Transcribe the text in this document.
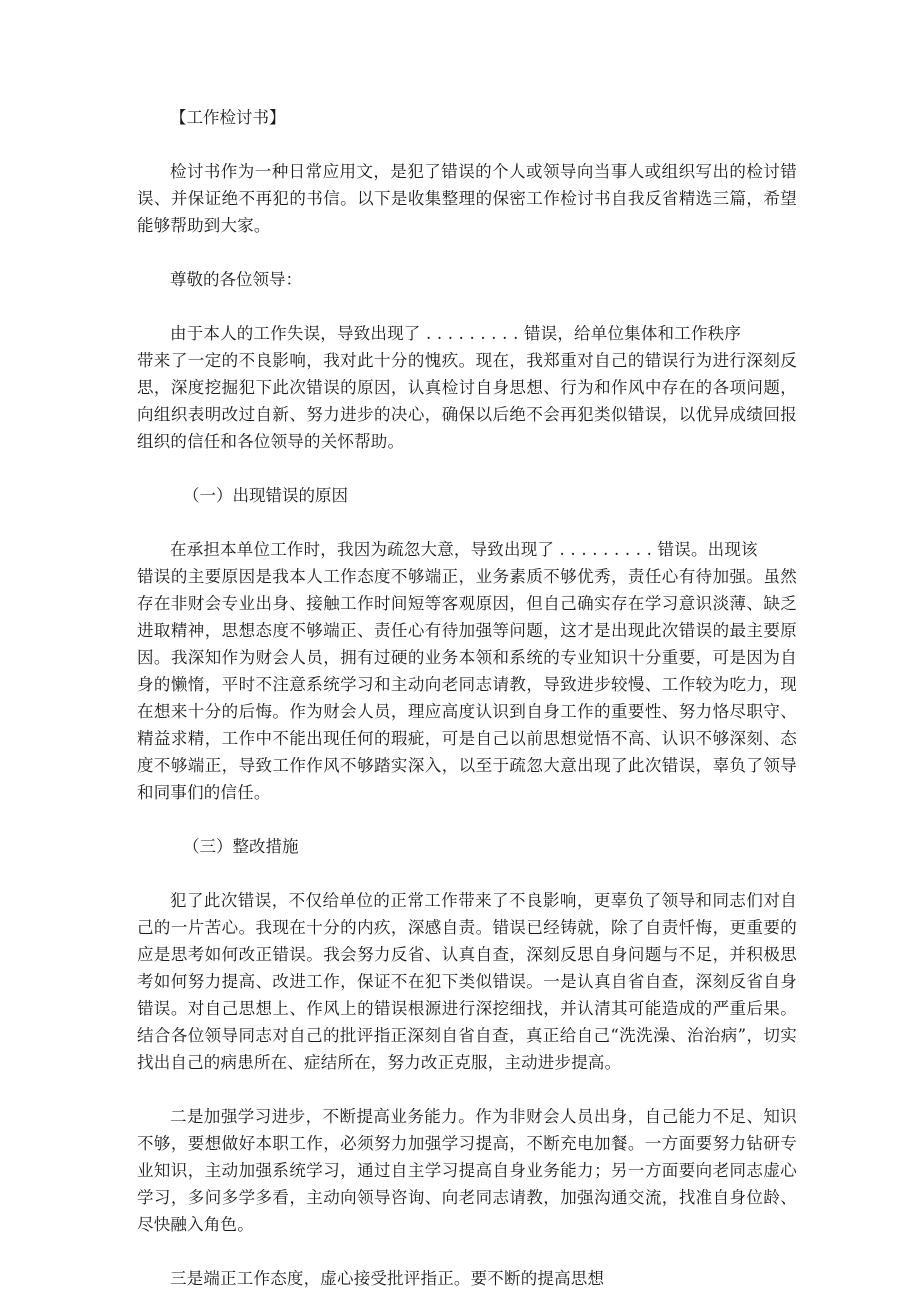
【工作检讨书】

检讨书作为一种日常应用文，是犯了错误的个人或领导向当事人或组织写出的检讨错误、并保证绝不再犯的书信。以下是收集整理的保密工作检讨书自我反省精选三篇，希望能够帮助到大家。

尊敬的各位领导：

由于本人的工作失误，导致出现了 . . . . . . . . . 错误，给单位集体和工作秩序

带来了一定的不良影响，我对此十分的愧疚。现在，我郑重对自己的错误行为进行深刻反思，深度挖掘犯下此次错误的原因，认真检讨自身思想、行为和作风中存在的各项问题，向组织表明改过自新、努力进步的决心，确保以后绝不会再犯类似错误，以优异成绩回报组织的信任和各位领导的关怀帮助。

（一）出现错误的原因

在承担本单位工作时，我因为疏忽大意，导致出现了 . . . . . . . . . 错误。出现该

错误的主要原因是我本人工作态度不够端正，业务素质不够优秀，责任心有待加强。虽然存在非财会专业出身、接触工作时间短等客观原因，但自己确实存在学习意识淡薄、缺乏进取精神，思想态度不够端正、责任心有待加强等问题，这才是出现此次错误的最主要原因。我深知作为财会人员，拥有过硬的业务本领和系统的专业知识十分重要，可是因为自身的懒惰，平时不注意系统学习和主动向老同志请教，导致进步较慢、工作较为吃力，现在想来十分的后悔。作为财会人员，理应高度认识到自身工作的重要性、努力恪尽职守、精益求精，工作中不能出现任何的瑕疵，可是自己以前思想觉悟不高、认识不够深刻、态度不够端正，导致工作作风不够踏实深入，以至于疏忽大意出现了此次错误，辜负了领导和同事们的信任。

（三）整改措施

犯了此次错误，不仅给单位的正常工作带来了不良影响，更辜负了领导和同志们对自己的一片苦心。我现在十分的内疚，深感自责。错误已经铸就，除了自责忏悔，更重要的应是思考如何改正错误。我会努力反省、认真自查，深刻反思自身问题与不足，并积极思考如何努力提高、改进工作，保证不在犯下类似错误。一是认真自省自查，深刻反省自身错误。对自己思想上、作风上的错误根源进行深挖细找，并认清其可能造成的严重后果。结合各位领导同志对自己的批评指正深刻自省自查，真正给自己“洗洗澡、治治病”，切实找出自己的病患所在、症结所在，努力改正克服，主动进步提高。

二是加强学习进步，不断提高业务能力。作为非财会人员出身，自己能力不足、知识不够，要想做好本职工作，必须努力加强学习提高，不断充电加餐。一方面要努力钻研专业知识，主动加强系统学习，通过自主学习提高自身业务能力；另一方面要向老同志虚心学习，多问多学多看，主动向领导咨询、向老同志请教，加强沟通交流，找准自身位龄、尽快融入角色。

三是端正工作态度，虚心接受批评指正。要不断的提高思想
